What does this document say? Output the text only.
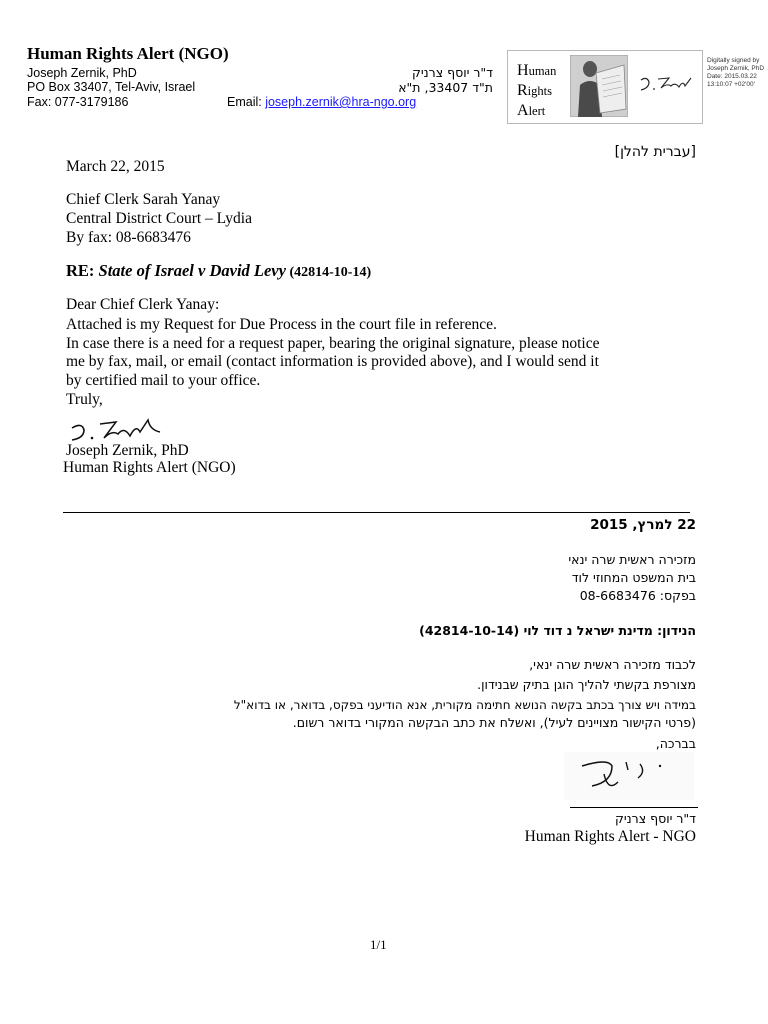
Human Rights Alert (NGO)
Joseph Zernik, PhD
PO Box 33407, Tel-Aviv, Israel
Fax: 077-3179186	Email: joseph.zernik@hra-ngo.org
ד"ר יוסף צרניק
ת"ד 33407, ת"א
Human
Rights
Alert
Digitally signed by Joseph Zernik, PhD Date: 2015.03.22 13:10:07 +02'00'
[עברית להלן]
March 22, 2015
Chief Clerk Sarah Yanay
Central District Court – Lydia
By fax: 08-6683476
RE: State of Israel v David Levy (42814-10-14)
Dear Chief Clerk Yanay:
Attached is my Request for Due Process in the court file in reference.
In case there is a need for a request paper, bearing the original signature, please notice
me by fax, mail, or email (contact information is provided above), and I would send it
by certified mail to your office.
Truly,
Joseph Zernik, PhD
Human Rights Alert (NGO)
22 למרץ, 2015
מזכירה ראשית שרה ינאי
בית המשפט המחוזי לוד
בפקס: 08-6683476
הנידון: מדינת ישראל נ דוד לוי (42814-10-14)
לכבוד מזכירה ראשית שרה ינאי,
מצורפת בקשתי להליך הוגן בתיק שבנידון.
במידה ויש צורך בכתב בקשה הנושא חתימה מקורית, אנא הודיעני בפקס, בדואר, או בדוא"ל
(פרטי הקישור מצויינים לעיל), ואשלח את כתב הבקשה המקורי בדואר רשום.
בברכה,
ד"ר יוסף צרניק
Human Rights Alert - NGO
1/1
